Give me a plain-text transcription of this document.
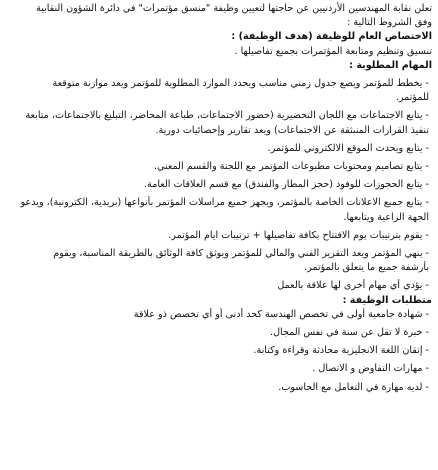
تعلن نقابة المهندسين الأردنيين عن حاجتها لتعيين وظيفة "منسق مؤتمرات" في دائرة الشؤون النقابية
وفق الشروط التالية :
الاختصاص العام للوظيفة (هدف الوظيفة) :
تنسيق وتنظيم ومتابعة المؤتمرات بجميع تفاصيلها .
المهام المطلوبة :
- يخطط للمؤتمر ويضع جدول زمني مناسب ويحدد الموارد المطلوبة للمؤتمر ويعد موازنة متوقعة
للمؤتمر.
- يتابع الاجتماعات مع اللجان التحضيرية (حضور الاجتماعات، طباعة المحاضر، التبليغ بالاجتماعات، متابعة
تنفيذ القرارات المنبثقة عن الاجتماعات) ويعد تقارير وإحصائيات دورية.
- يتابع ويحدث الموقع الالكتروني للمؤتمر.
- يتابع تصاميم ومحتويات مطبوعات المؤتمر مع اللجنة والقسم المعني.
- يتابع الحجوزات للوفود (حجز المطار والفندق) مع قسم العلاقات العامة.
- يتابع جميع الاعلانات الخاصة بالمؤتمر، ويجهز جميع مراسلات المؤتمر بأنواعها (بريدية، الكترونية)، ويدعو
الجهة الراعية ويتابعها.
- يقوم بترتيبات يوم الافتتاح بكافة تفاصيلها + ترتيبات ايام المؤتمر.
- ينهي المؤتمر ويعد التقرير الفني والمالي للمؤتمر ويوثق كافة الوثائق بالطريقة المناسبة، ويقوم
بأرشفة جميع ما يتعلق بالمؤتمر.
- يؤدي أي مهام أخرى لها علاقة بالعمل
متطلبات الوظيفة :
- شهادة جامعية أولى في تخصص الهندسة كحد أدنى أو أي تخصص ذو علاقة
- خبرة لا تقل عن سنة في نفس المجال.
- إتقان اللغة الانجليزية محادثة وقراءة وكتابة.
- مهارات التفاوض و الاتصال .
- لديه مهارة في التعامل مع الحاسوب.
